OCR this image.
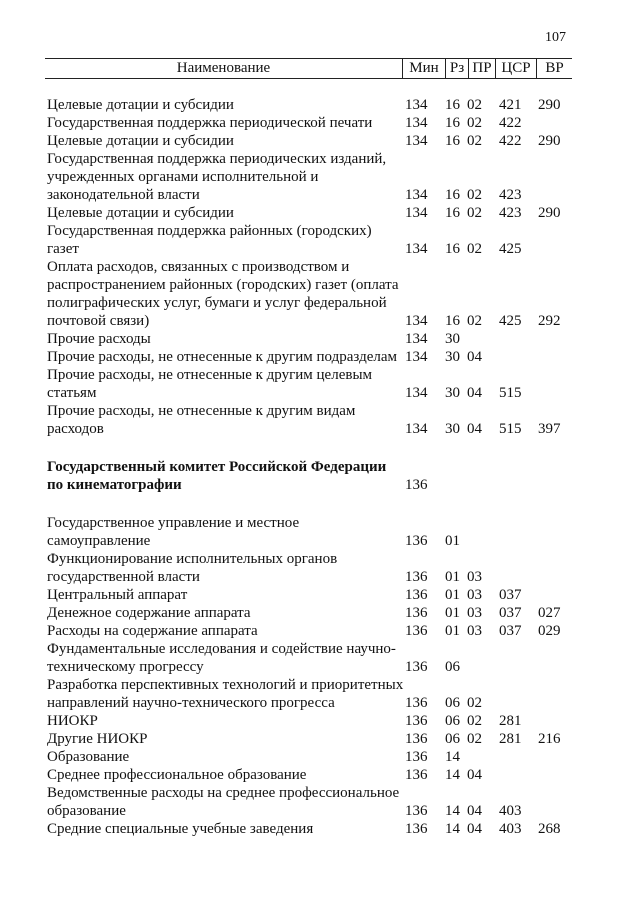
107
Наименование	Мин Рз ПР ЦСР ВР
Целевые дотации и субсидии	134 16 02 421 290
Государственная поддержка периодической печати	134 16 02 422
Целевые дотации и субсидии	134 16 02 422 290
Государственная поддержка периодических изданий, учрежденных органами исполнительной и законодательной власти	134 16 02 423
Целевые дотации и субсидии	134 16 02 423 290
Государственная поддержка районных (городских) газет	134 16 02 425
Оплата расходов, связанных с производством и распространением районных (городских) газет (оплата полиграфических услуг, бумаги и услуг федеральной почтовой связи)	134 16 02 425 292
Прочие расходы	134 30
Прочие расходы, не отнесенные к другим подразделам 134 30 04
Прочие расходы, не отнесенные к другим целевым статьям	134 30 04 515
Прочие расходы, не отнесенные к другим видам расходов	134 30 04 515 397
Государственный комитет Российской Федерации по кинематографии	136
Государственное управление и местное самоуправление	136 01
Функционирование исполнительных органов государственной власти	136 01 03
Центральный аппарат	136 01 03 037
Денежное содержание аппарата	136 01 03 037 027
Расходы на содержание аппарата	136 01 03 037 029
Фундаментальные исследования и содействие научно-техническому прогрессу	136 06
Разработка перспективных технологий и приоритетных направлений научно-технического прогресса	136 06 02
НИОКР	136 06 02 281
Другие НИОКР	136 06 02 281 216
Образование	136 14
Среднее профессиональное образование	136 14 04
Ведомственные расходы на среднее профессиональное образование	136 14 04 403
Средние специальные учебные заведения	136 14 04 403 268
